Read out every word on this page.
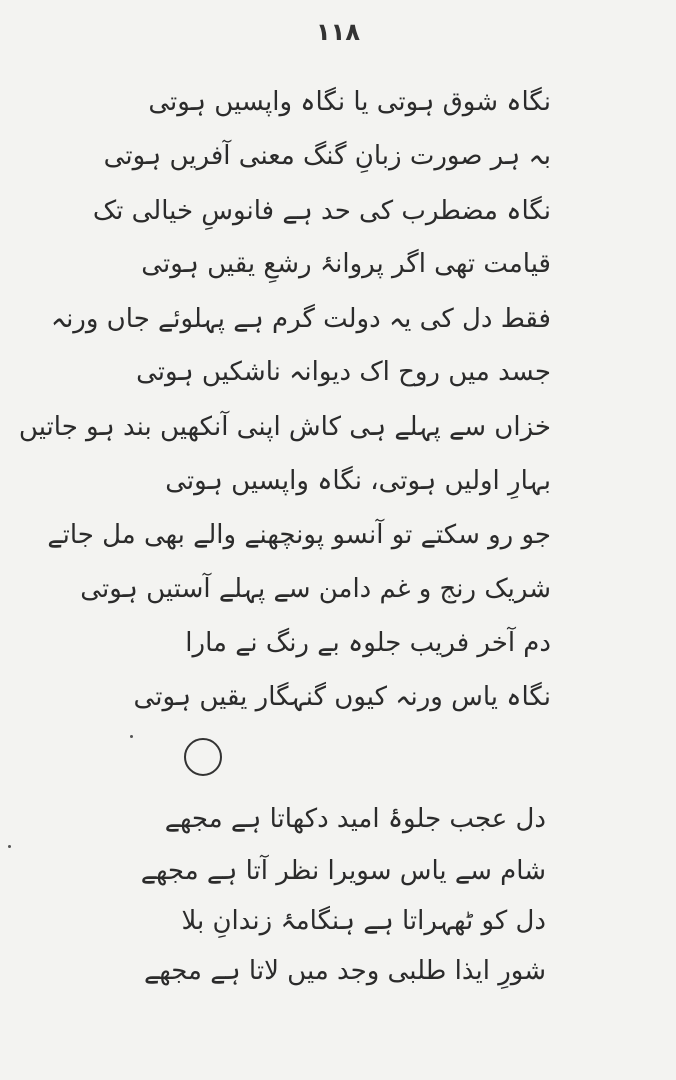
۱۱۸
نگاہ شوق ہوتی یا نگاہ واپسیں ہوتی
بہ ہر صورت زبانِ گنگ معنی آفریں ہوتی
نگاہ مضطرب کی حد ہے فانوسِ خیالی تک
قیامت تھی اگر پروانۂ رشعِ یقیں ہوتی
فقط دل کی یہ دولت گرم ہے پہلوئے جاں ورنہ
جسد میں روح اک دیوانہ ناشکیں ہوتی
خزاں سے پہلے ہی کاش اپنی آنکھیں بند ہو جاتیں
بہارِ اولیں ہوتی، نگاہ واپسیں ہوتی
جو رو سکتے تو آنسو پونچھنے والے بھی مل جاتے
شریک رنج و غم دامن سے پہلے آستیں ہوتی
دم آخر فریب جلوہ بے رنگ نے مارا
نگاہ یاس ورنہ کیوں گنہگار یقیں ہوتی
دل عجب جلوۂ امید دکھاتا ہے مجھے
شام سے یاس سویرا نظر آتا ہے مجھے
دل کو ٹھہراتا ہے ہنگامۂ زندانِ بلا
شورِ ایذا طلبی وجد میں لاتا ہے مجھے
